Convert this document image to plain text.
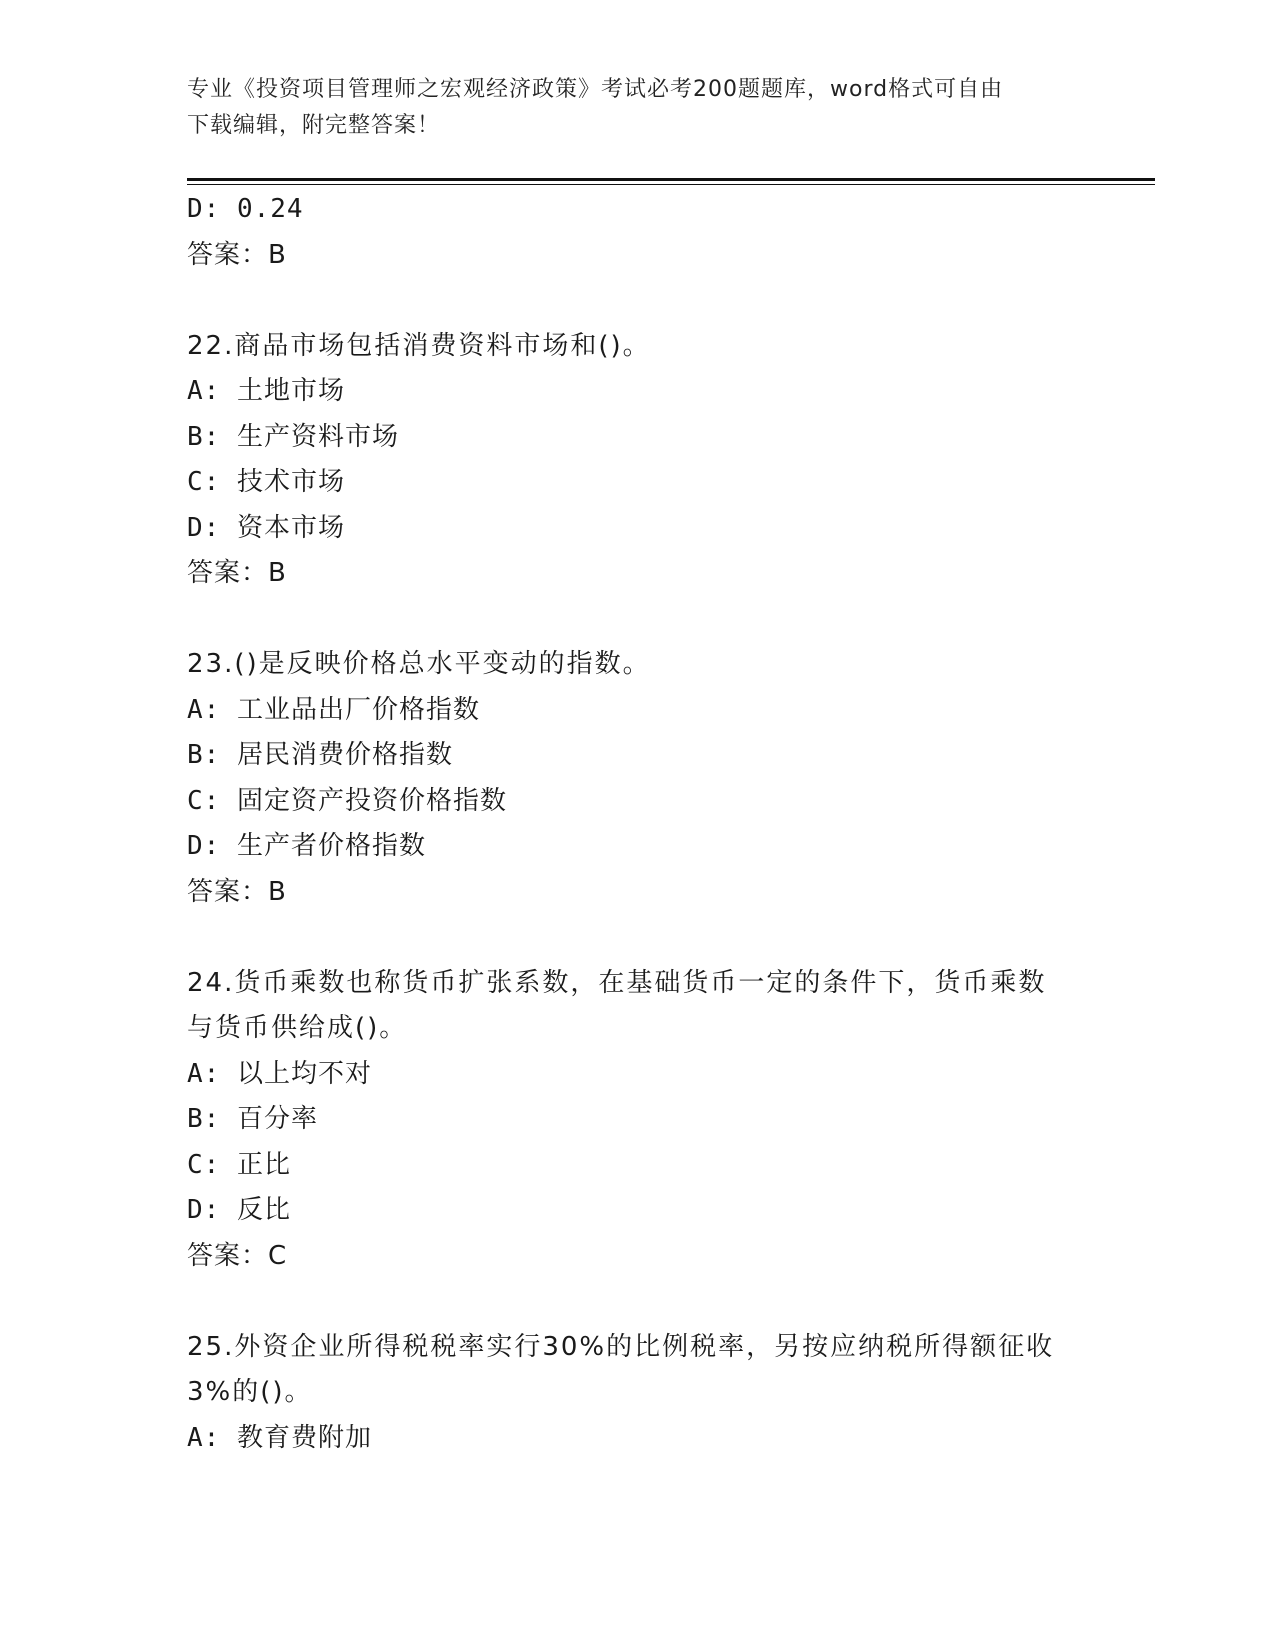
专业《投资项目管理师之宏观经济政策》考试必考200题题库，word格式可自由
下载编辑，附完整答案！
D: 0.24
答案：B
22.商品市场包括消费资料市场和()。
A: 土地市场
B: 生产资料市场
C: 技术市场
D: 资本市场
答案：B
23.()是反映价格总水平变动的指数。
A: 工业品出厂价格指数
B: 居民消费价格指数
C: 固定资产投资价格指数
D: 生产者价格指数
答案：B
24.货币乘数也称货币扩张系数，在基础货币一定的条件下，货币乘数
与货币供给成()。
A: 以上均不对
B: 百分率
C: 正比
D: 反比
答案：C
25.外资企业所得税税率实行30%的比例税率，另按应纳税所得额征收
3%的()。
A: 教育费附加
